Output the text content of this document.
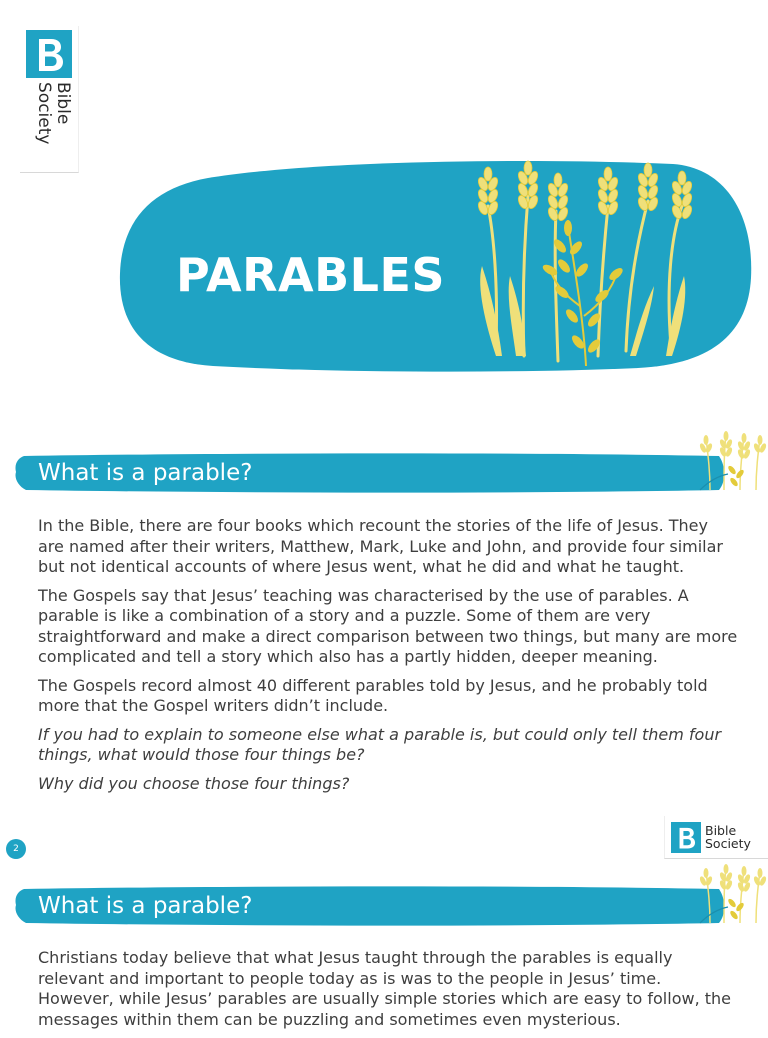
Bible
Society
PARABLES
What is a parable?

In the Bible, there are four books which recount the stories of the life of Jesus. They are named after their writers, Matthew, Mark, Luke and John, and provide four similar but not identical accounts of where Jesus went, what he did and what he taught.

The Gospels say that Jesus’ teaching was characterised by the use of parables. A parable is like a combination of a story and a puzzle. Some of them are very straightforward and make a direct comparison between two things, but many are more complicated and tell a story which also has a partly hidden, deeper meaning.

The Gospels record almost 40 different parables told by Jesus, and he probably told more that the Gospel writers didn’t include.

If you had to explain to someone else what a parable is, but could only tell them four things, what would those four things be?

Why did you choose those four things?

2
Bible
Society
What is a parable?

Christians today believe that what Jesus taught through the parables is equally relevant and important to people today as is was to the people in Jesus’ time. However, while Jesus’ parables are usually simple stories which are easy to follow, the messages within them can be puzzling and sometimes even mysterious.
